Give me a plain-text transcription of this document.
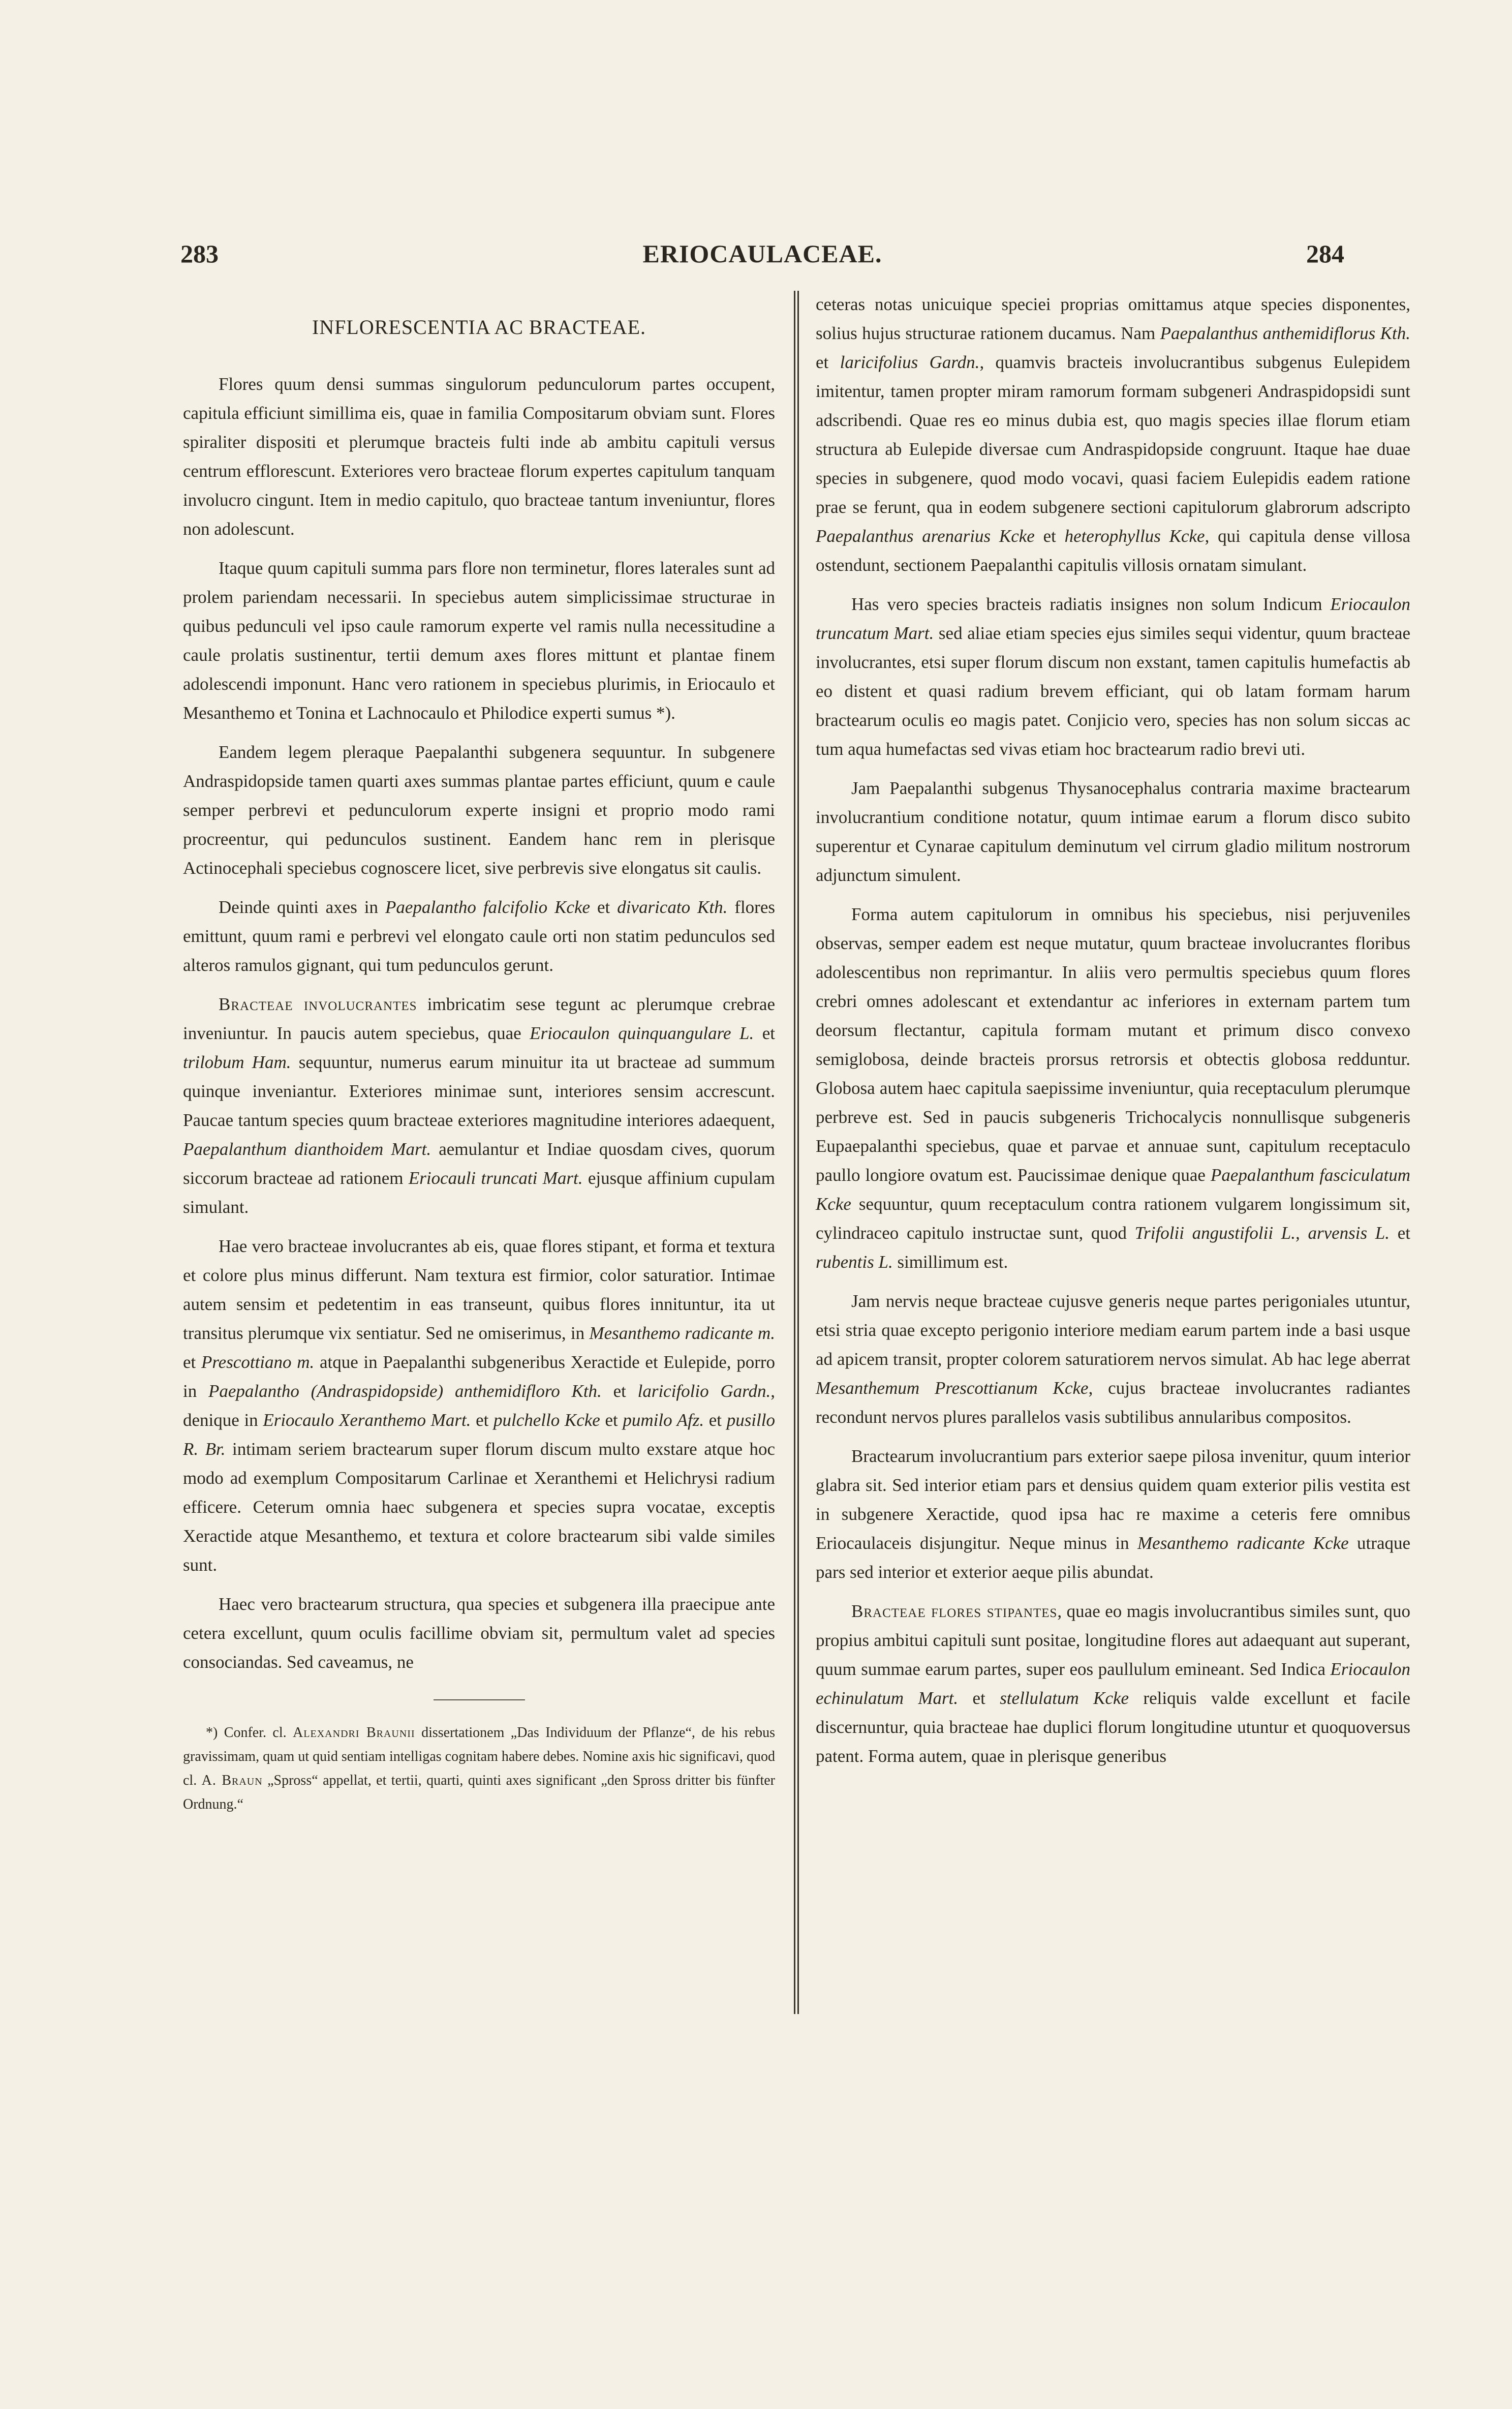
283	ERIOCAULACEAE.	284
INFLORESCENTIA AC BRACTEAE.

Flores quum densi summas singulorum pedunculorum partes occupent, capitula efficiunt simillima eis, quae in familia Compositarum obviam sunt. Flores spiraliter dispositi et plerumque bracteis fulti inde ab ambitu capituli versus centrum efflorescunt. Exteriores vero bracteae florum expertes capitulum tanquam involucro cingunt. Item in medio capitulo, quo bracteae tantum inveniuntur, flores non adolescunt.

Itaque quum capituli summa pars flore non terminetur, flores laterales sunt ad prolem pariendam necessarii. In speciebus autem simplicissimae structurae in quibus pedunculi vel ipso caule ramorum experte vel ramis nulla necessitudine a caule prolatis sustinentur, tertii demum axes flores mittunt et plantae finem adolescendi imponunt. Hanc vero rationem in speciebus plurimis, in Eriocaulo et Mesanthemo et Tonina et Lachnocaulo et Philodice experti sumus *).

Eandem legem pleraque Paepalanthi subgenera sequuntur. In subgenere Andraspidopside tamen quarti axes summas plantae partes efficiunt, quum e caule semper perbrevi et pedunculorum experte insigni et proprio modo rami procreentur, qui pedunculos sustinent. Eandem hanc rem in plerisque Actinocephali speciebus cognoscere licet, sive perbrevis sive elongatus sit caulis.

Deinde quinti axes in Paepalantho falcifolio Kcke et divaricato Kth. flores emittunt, quum rami e perbrevi vel elongato caule orti non statim pedunculos sed alteros ramulos gignant, qui tum pedunculos gerunt.

Bracteae involucrantes imbricatim sese tegunt ac plerumque crebrae inveniuntur. In paucis autem speciebus, quae Eriocaulon quinquangulare L. et trilobum Ham. sequuntur, numerus earum minuitur ita ut bracteae ad summum quinque inveniantur. Exteriores minimae sunt, interiores sensim accrescunt. Paucae tantum species quum bracteae exteriores magnitudine interiores adaequent, Paepalanthum dianthoidem Mart. aemulantur et Indiae quosdam cives, quorum siccorum bracteae ad rationem Eriocauli truncati Mart. ejusque affinium cupulam simulant.

Hae vero bracteae involucrantes ab eis, quae flores stipant, et forma et textura et colore plus minus differunt. Nam textura est firmior, color saturatior. Intimae autem sensim et pedetentim in eas transeunt, quibus flores innituntur, ita ut transitus plerumque vix sentiatur. Sed ne omiserimus, in Mesanthemo radicante m. et Prescottiano m. atque in Paepalanthi subgeneribus Xeractide et Eulepide, porro in Paepalantho (Andraspidopside) anthemidifloro Kth. et laricifolio Gardn., denique in Eriocaulo Xeranthemo Mart. et pulchello Kcke et pumilo Afz. et pusillo R. Br. intimam seriem bractearum super florum discum multo exstare atque hoc modo ad exemplum Compositarum Carlinae et Xeranthemi et Helichrysi radium efficere. Ceterum omnia haec subgenera et species supra vocatae, exceptis Xeractide atque Mesanthemo, et textura et colore bractearum sibi valde similes sunt.

Haec vero bractearum structura, qua species et subgenera illa praecipue ante cetera excellunt, quum oculis facillime obviam sit, permultum valet ad species consociandas. Sed caveamus, ne

*) Confer. cl. Alexandri Braunii dissertationem „Das Individuum der Pflanze“, de his rebus gravissimam, quam ut quid sentiam intelligas cognitam habere debes. Nomine axis hic significavi, quod cl. A. Braun „Spross“ appellat, et tertii, quarti, quinti axes significant „den Spross dritter bis fünfter Ordnung.“

ceteras notas unicuique speciei proprias omittamus atque species disponentes, solius hujus structurae rationem ducamus. Nam Paepalanthus anthemidiflorus Kth. et laricifolius Gardn., quamvis bracteis involucrantibus subgenus Eulepidem imitentur, tamen propter miram ramorum formam subgeneri Andraspidopsidi sunt adscribendi. Quae res eo minus dubia est, quo magis species illae florum etiam structura ab Eulepide diversae cum Andraspidopside congruunt. Itaque hae duae species in subgenere, quod modo vocavi, quasi faciem Eulepidis eadem ratione prae se ferunt, qua in eodem subgenere sectioni capitulorum glabrorum adscripto Paepalanthus arenarius Kcke et heterophyllus Kcke, qui capitula dense villosa ostendunt, sectionem Paepalanthi capitulis villosis ornatam simulant.

Has vero species bracteis radiatis insignes non solum Indicum Eriocaulon truncatum Mart. sed aliae etiam species ejus similes sequi videntur, quum bracteae involucrantes, etsi super florum discum non exstant, tamen capitulis humefactis ab eo distent et quasi radium brevem efficiant, qui ob latam formam harum bractearum oculis eo magis patet. Conjicio vero, species has non solum siccas ac tum aqua humefactas sed vivas etiam hoc bractearum radio brevi uti.

Jam Paepalanthi subgenus Thysanocephalus contraria maxime bractearum involucrantium conditione notatur, quum intimae earum a florum disco subito superentur et Cynarae capitulum deminutum vel cirrum gladio militum nostrorum adjunctum simulent.

Forma autem capitulorum in omnibus his speciebus, nisi perjuveniles observas, semper eadem est neque mutatur, quum bracteae involucrantes floribus adolescentibus non reprimantur. In aliis vero permultis speciebus quum flores crebri omnes adolescant et extendantur ac inferiores in externam partem tum deorsum flectantur, capitula formam mutant et primum disco convexo semiglobosa, deinde bracteis prorsus retrorsis et obtectis globosa redduntur. Globosa autem haec capitula saepissime inveniuntur, quia receptaculum plerumque perbreve est. Sed in paucis subgeneris Trichocalycis nonnullisque subgeneris Eupaepalanthi speciebus, quae et parvae et annuae sunt, capitulum receptaculo paullo longiore ovatum est. Paucissimae denique quae Paepalanthum fasciculatum Kcke sequuntur, quum receptaculum contra rationem vulgarem longissimum sit, cylindraceo capitulo instructae sunt, quod Trifolii angustifolii L., arvensis L. et rubentis L. simillimum est.

Jam nervis neque bracteae cujusve generis neque partes perigoniales utuntur, etsi stria quae excepto perigonio interiore mediam earum partem inde a basi usque ad apicem transit, propter colorem saturatiorem nervos simulat. Ab hac lege aberrat Mesanthemum Prescottianum Kcke, cujus bracteae involucrantes radiantes recondunt nervos plures parallelos vasis subtilibus annularibus compositos.

Bractearum involucrantium pars exterior saepe pilosa invenitur, quum interior glabra sit. Sed interior etiam pars et densius quidem quam exterior pilis vestita est in subgenere Xeractide, quod ipsa hac re maxime a ceteris fere omnibus Eriocaulaceis disjungitur. Neque minus in Mesanthemo radicante Kcke utraque pars sed interior et exterior aeque pilis abundat.

Bracteae flores stipantes, quae eo magis involucrantibus similes sunt, quo propius ambitui capituli sunt positae, longitudine flores aut adaequant aut superant, quum summae earum partes, super eos paullulum emineant. Sed Indica Eriocaulon echinulatum Mart. et stellulatum Kcke reliquis valde excellunt et facile discernuntur, quia bracteae hae duplici florum longitudine utuntur et quoquoversus patent. Forma autem, quae in plerisque generibus
